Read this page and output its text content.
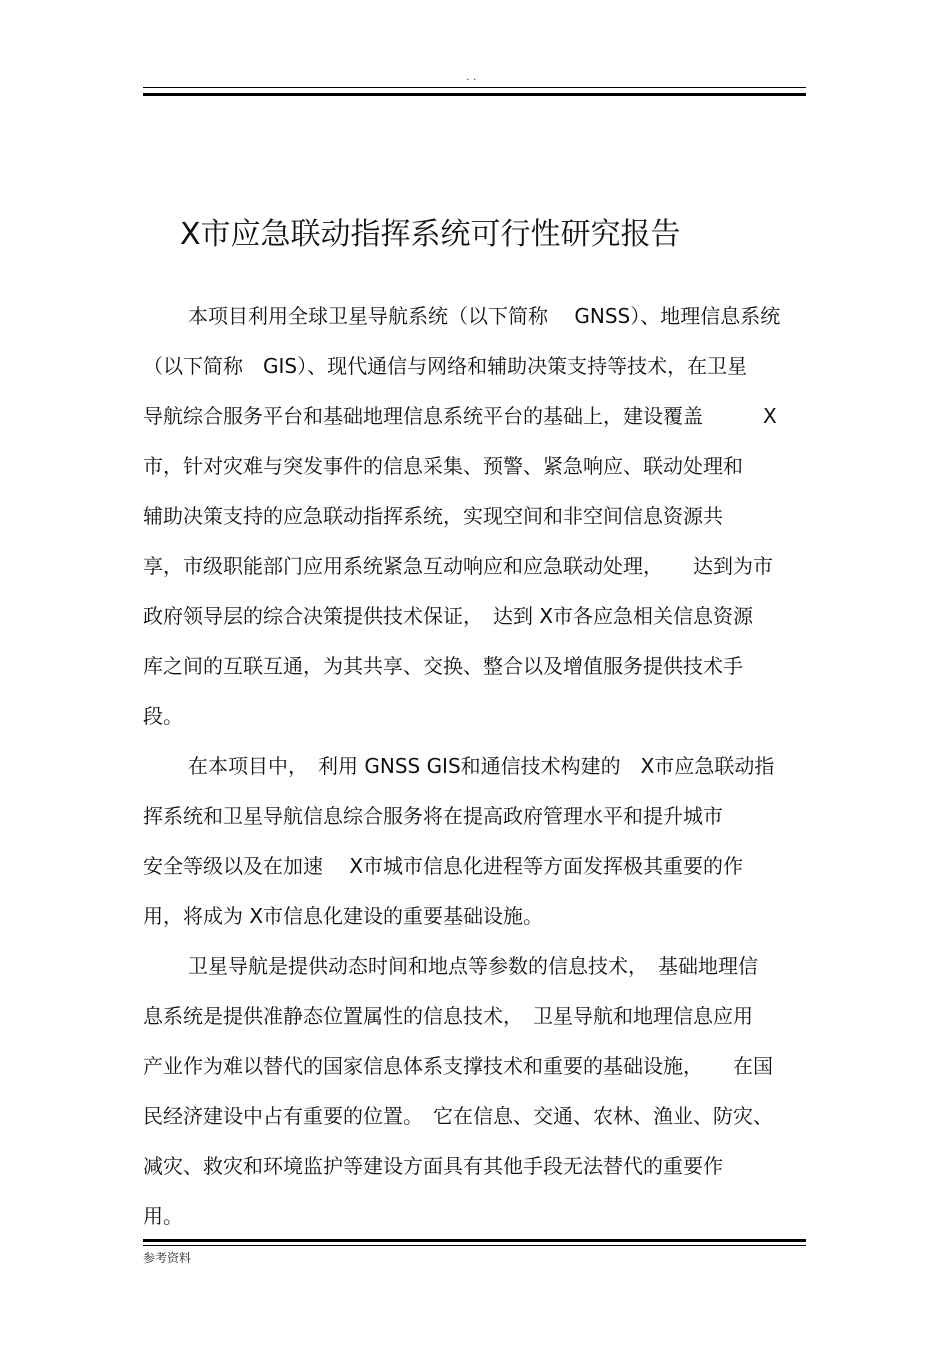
. .
X市应急联动指挥系统可行性研究报告
本项目利用全球卫星导航系统（以下简称　 GNSS）、地理信息系统
（以下简称　GIS）、现代通信与网络和辅助决策支持等技术，在卫星
导航综合服务平台和基础地理信息系统平台的基础上，建设覆盖　　　X
市，针对灾难与突发事件的信息采集、预警、紧急响应、联动处理和
辅助决策支持的应急联动指挥系统，实现空间和非空间信息资源共
享，市级职能部门应用系统紧急互动响应和应急联动处理，　　达到为市
政府领导层的综合决策提供技术保证，　达到 X市各应急相关信息资源
库之间的互联互通，为其共享、交换、整合以及增值服务提供技术手
段。
在本项目中，　利用 GNSS GIS和通信技术构建的　X市应急联动指
挥系统和卫星导航信息综合服务将在提高政府管理水平和提升城市
安全等级以及在加速　 X市城市信息化进程等方面发挥极其重要的作
用，将成为 X市信息化建设的重要基础设施。
卫星导航是提供动态时间和地点等参数的信息技术，　基础地理信
息系统是提供准静态位置属性的信息技术，　卫星导航和地理信息应用
产业作为难以替代的国家信息体系支撑技术和重要的基础设施，　　在国
民经济建设中占有重要的位置。　它在信息、交通、农林、渔业、防灾、
减灾、救灾和环境监护等建设方面具有其他手段无法替代的重要作
用。
参考资料
